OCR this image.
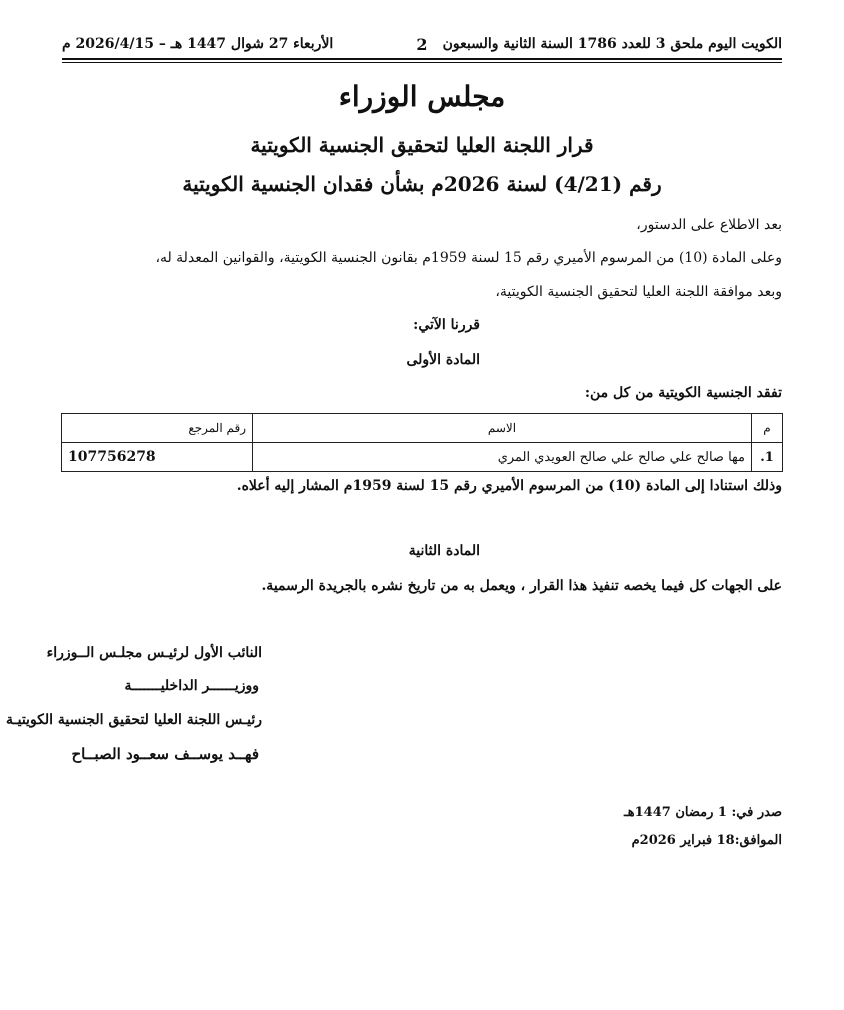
الكويت اليوم ملحق 3 للعدد 1786 السنة الثانية والسبعون
2
الأربعاء 27 شوال 1447 هـ – 2026/4/15 م
مجلس الوزراء
قرار اللجنة العليا لتحقيق الجنسية الكويتية
رقم (4/21) لسنة 2026م بشأن فقدان الجنسية الكويتية
بعد الاطلاع على الدستور،
وعلى المادة (10) من المرسوم الأميري رقم 15 لسنة 1959م بقانون الجنسية الكويتية، والقوانين المعدلة له،
وبعد موافقة اللجنة العليا لتحقيق الجنسية الكويتية،
قررنا الآتي:
المادة الأولى
تفقد الجنسية الكويتية من كل من:
م	الاسم	رقم المرجع
1.	مها صالح علي صالح علي صالح العويدي المري	107756278
وذلك استنادا إلى المادة (10) من المرسوم الأميري رقم 15 لسنة 1959م المشار إليه أعلاه.
المادة الثانية
على الجهات كل فيما يخصه تنفيذ هذا القرار ، ويعمل به من تاريخ نشره بالجريدة الرسمية.
النائب الأول لرئيـس مجلـس الــوزراء
ووزيــــــر الداخليـــــــة
رئيـس اللجنة العليا لتحقيق الجنسية الكويتيـة
فهــد يوســف سعــود الصبــاح
صدر في: 1 رمضان 1447هـ
الموافق:18 فبراير 2026م
